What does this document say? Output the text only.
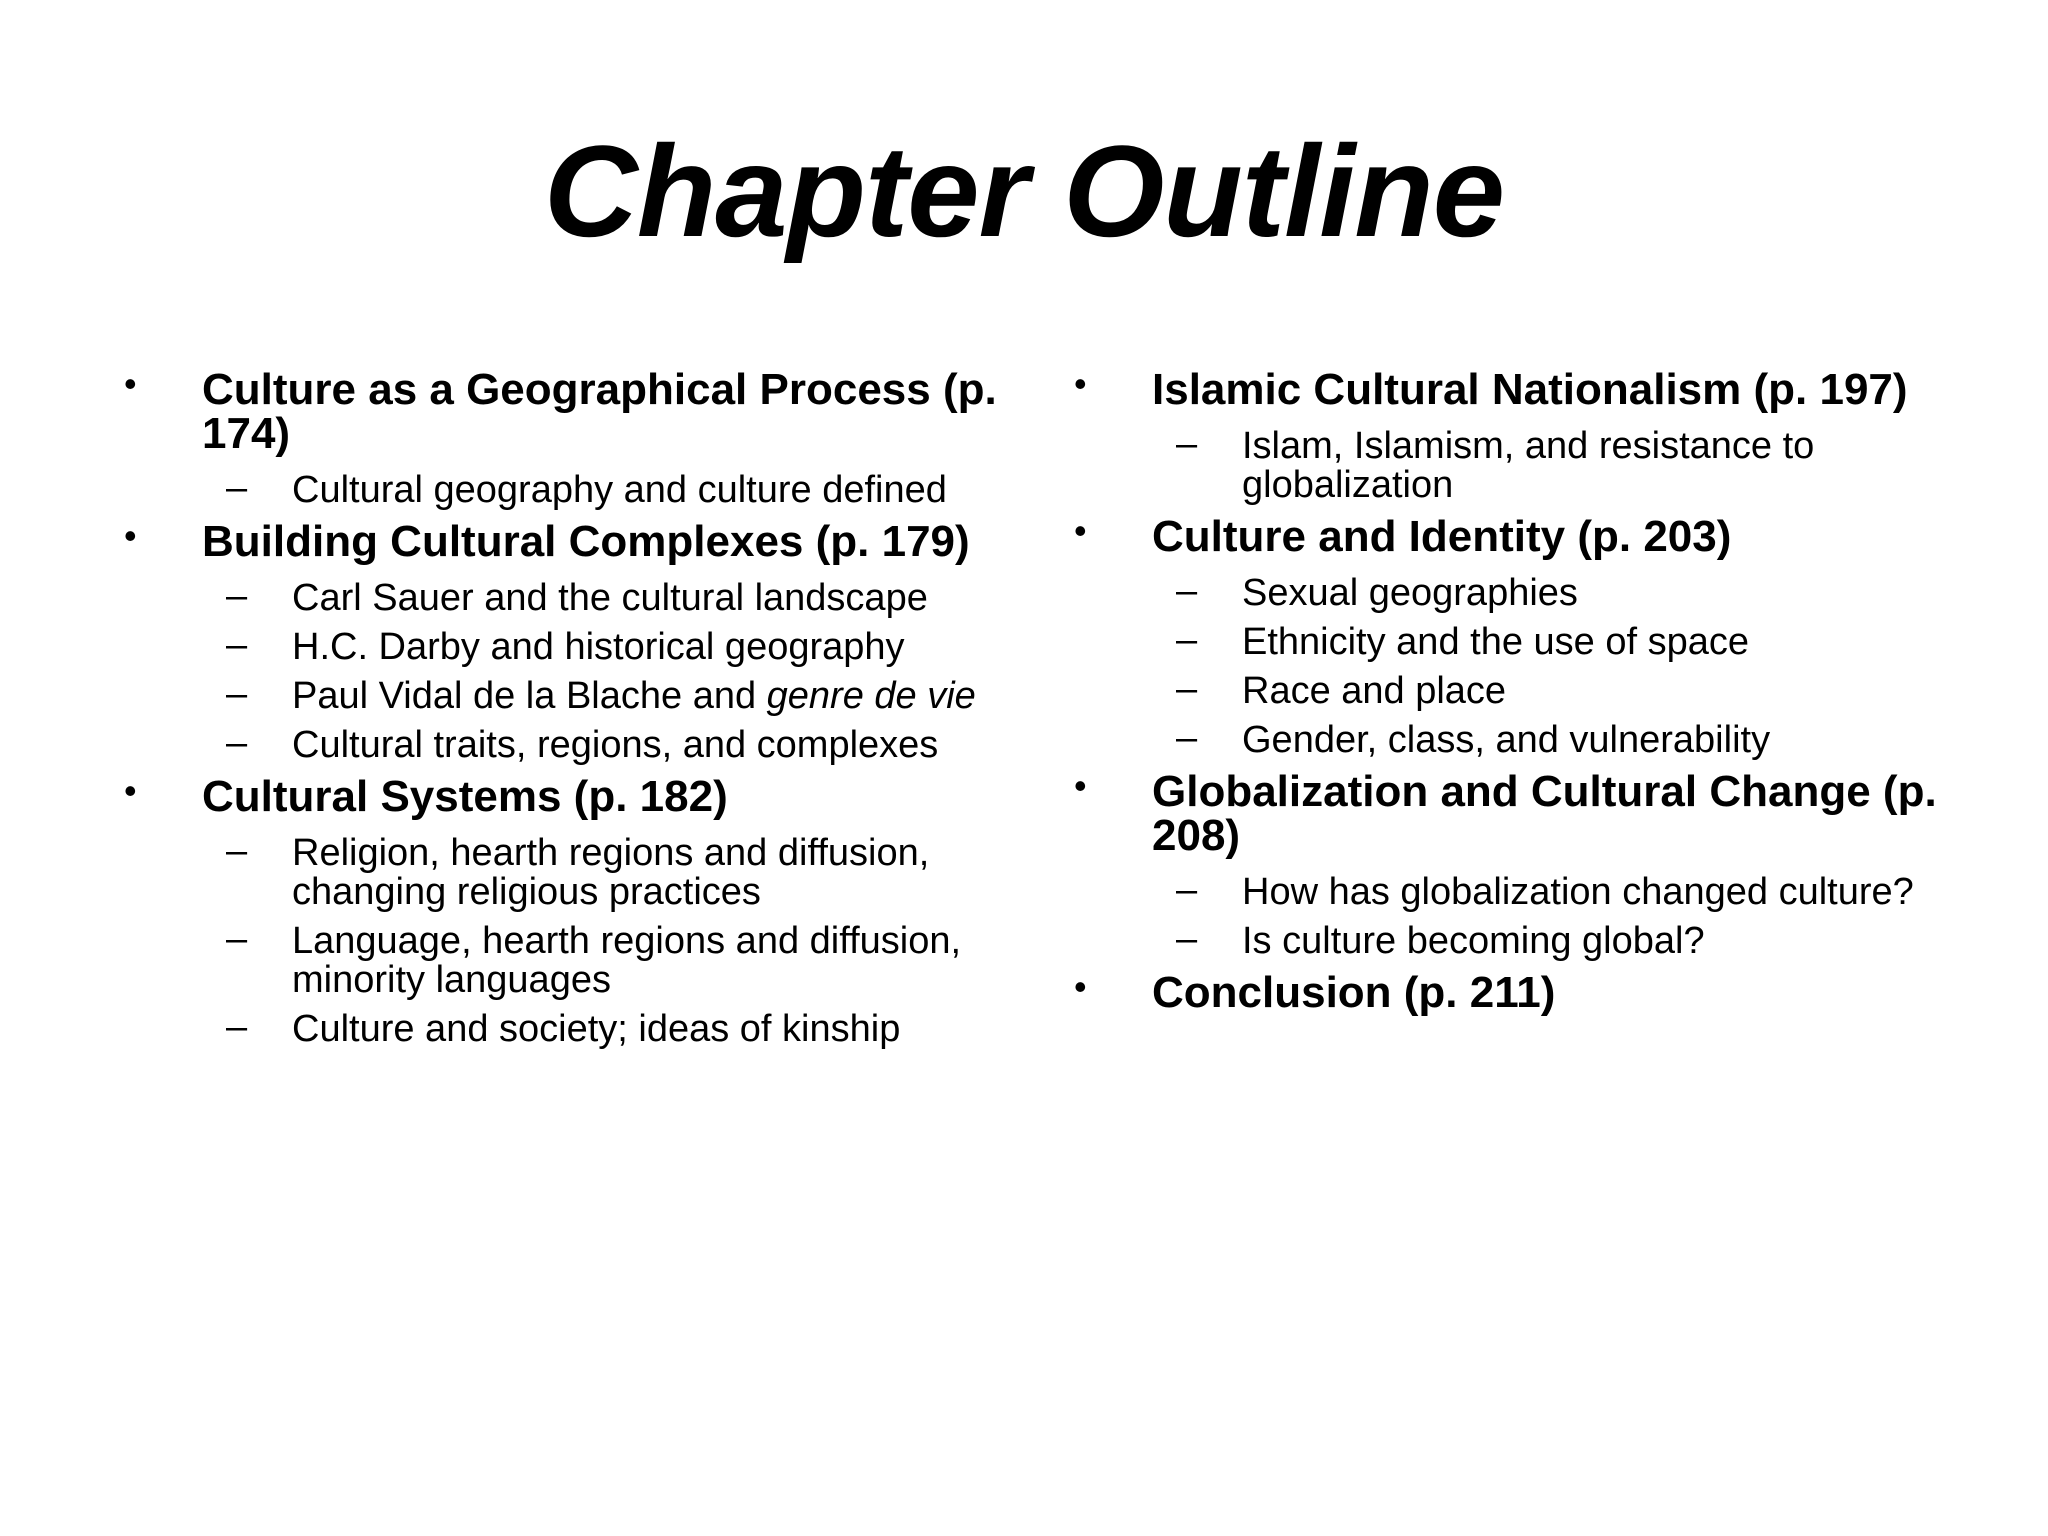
Chapter Outline
• Culture as a Geographical Process (p. 174)
– Cultural geography and culture defined
• Building Cultural Complexes (p. 179)
– Carl Sauer and the cultural landscape
– H.C. Darby and historical geography
– Paul Vidal de la Blache and genre de vie
– Cultural traits, regions, and complexes
• Cultural Systems (p. 182)
– Religion, hearth regions and diffusion, changing religious practices
– Language, hearth regions and diffusion, minority languages
– Culture and society; ideas of kinship
• Islamic Cultural Nationalism (p. 197)
– Islam, Islamism, and resistance to globalization
• Culture and Identity (p. 203)
– Sexual geographies
– Ethnicity and the use of space
– Race and place
– Gender, class, and vulnerability
• Globalization and Cultural Change (p. 208)
– How has globalization changed culture?
– Is culture becoming global?
• Conclusion (p. 211)
